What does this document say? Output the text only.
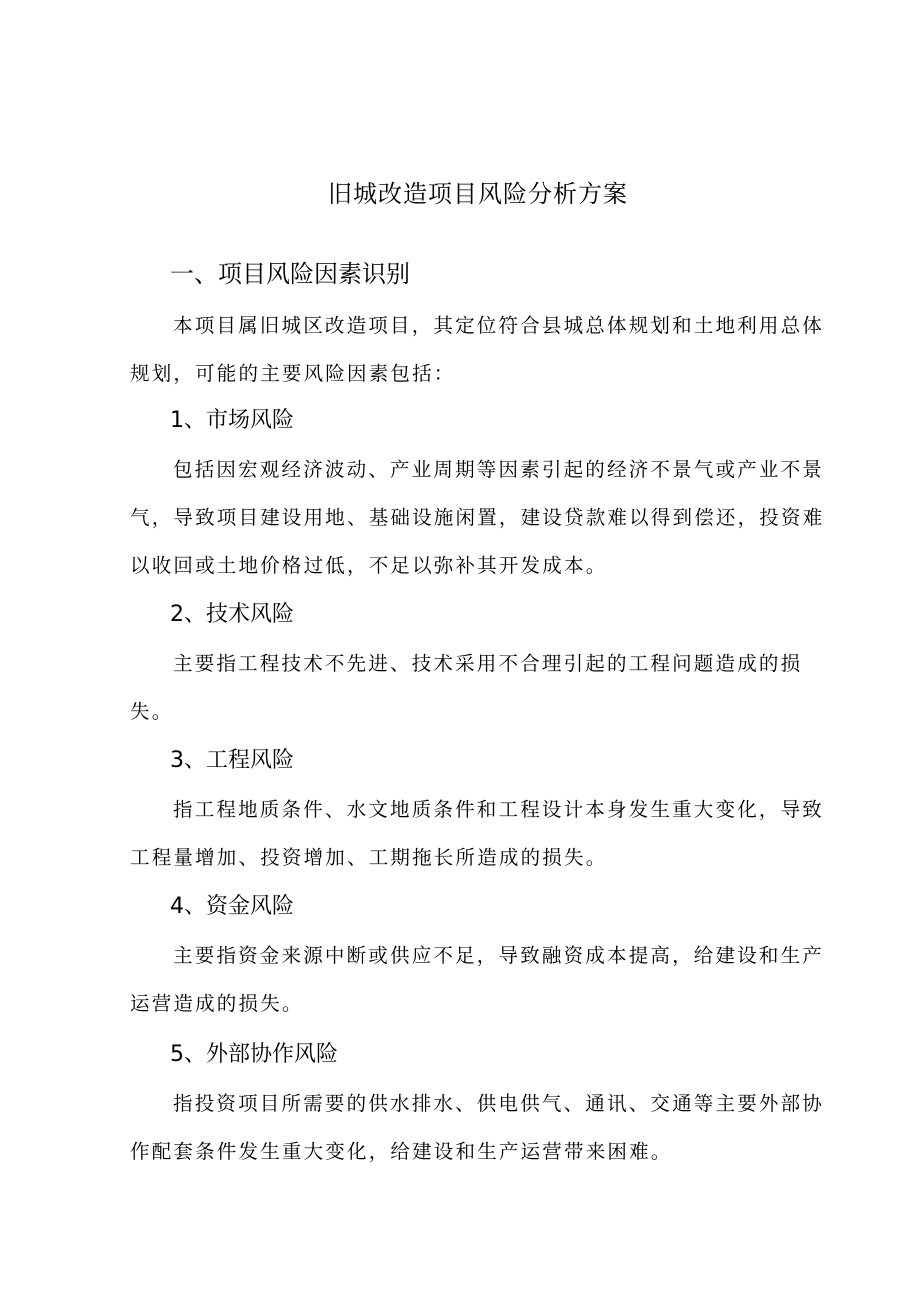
旧城改造项目风险分析方案
一、项目风险因素识别

本项目属旧城区改造项目，其定位符合县城总体规划和土地利用总体规划，可能的主要风险因素包括：

1、市场风险

包括因宏观经济波动、产业周期等因素引起的经济不景气或产业不景气，导致项目建设用地、基础设施闲置，建设贷款难以得到偿还，投资难以收回或土地价格过低，不足以弥补其开发成本。

2、技术风险

主要指工程技术不先进、技术采用不合理引起的工程问题造成的损失。

3、工程风险

指工程地质条件、水文地质条件和工程设计本身发生重大变化，导致工程量增加、投资增加、工期拖长所造成的损失。

4、资金风险

主要指资金来源中断或供应不足，导致融资成本提高，给建设和生产运营造成的损失。

5、外部协作风险

指投资项目所需要的供水排水、供电供气、通讯、交通等主要外部协作配套条件发生重大变化，给建设和生产运营带来困难。
